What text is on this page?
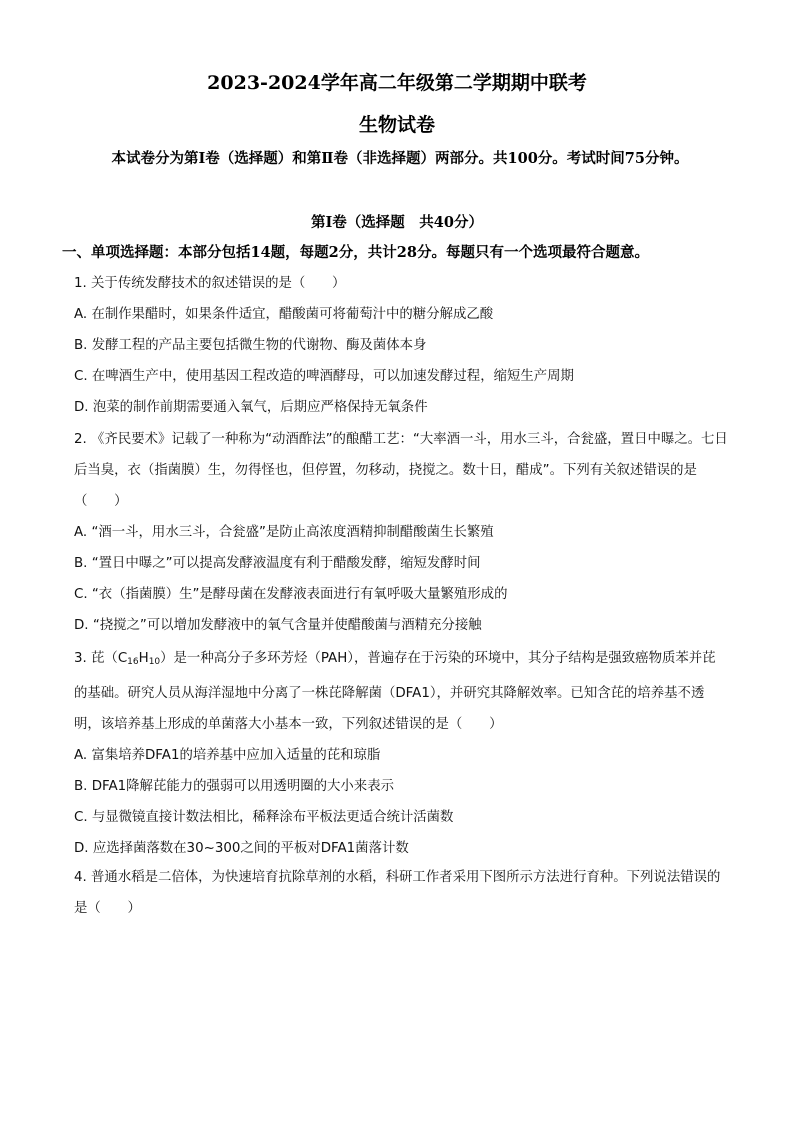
2023-2024学年高二年级第二学期期中联考
生物试卷
本试卷分为第Ⅰ卷（选择题）和第Ⅱ卷（非选择题）两部分。共100分。考试时间75分钟。
第Ⅰ卷（选择题　共40分）
一、单项选择题：本部分包括14题，每题2分，共计28分。每题只有一个选项最符合题意。

1. 关于传统发酵技术的叙述错误的是（　　）

A. 在制作果醋时，如果条件适宜，醋酸菌可将葡萄汁中的糖分解成乙酸

B. 发酵工程的产品主要包括微生物的代谢物、酶及菌体本身

C. 在啤酒生产中，使用基因工程改造的啤酒酵母，可以加速发酵过程，缩短生产周期

D. 泡菜的制作前期需要通入氧气，后期应严格保持无氧条件

2. 《齐民要术》记载了一种称为“动酒酢法”的酿醋工艺：“大率酒一斗，用水三斗，合瓮盛，置日中曝之。七日后当臭，衣（指菌膜）生，勿得怪也，但停置，勿移动，挠搅之。数十日，醋成”。下列有关叙述错误的是（　　）

A. “酒一斗，用水三斗，合瓮盛”是防止高浓度酒精抑制醋酸菌生长繁殖

B. “置日中曝之”可以提高发酵液温度有利于醋酸发酵，缩短发酵时间

C. “衣（指菌膜）生”是酵母菌在发酵液表面进行有氧呼吸大量繁殖形成的

D. “挠搅之”可以增加发酵液中的氧气含量并使醋酸菌与酒精充分接触

3. 芘$(C_{16}H_{10})$是一种高分子多环芳烃（PAH），普遍存在于污染的环境中，其分子结构是强致癌物质苯并芘的基础。研究人员从海洋湿地中分离了一株芘降解菌（DFA1），并研究其降解效率。已知含芘的培养基不透明，该培养基上形成的单菌落大小基本一致，下列叙述错误的是（　　）

A. 富集培养DFA1的培养基中应加入适量的芘和琼脂

B. DFA1降解芘能力的强弱可以用透明圈的大小来表示

C. 与显微镜直接计数法相比，稀释涂布平板法更适合统计活菌数

D. 应选择菌落数在30~300之间的平板对DFA1菌落计数

4. 普通水稻是二倍体，为快速培育抗除草剂的水稻，科研工作者采用下图所示方法进行育种。下列说法错误的是（　　）
